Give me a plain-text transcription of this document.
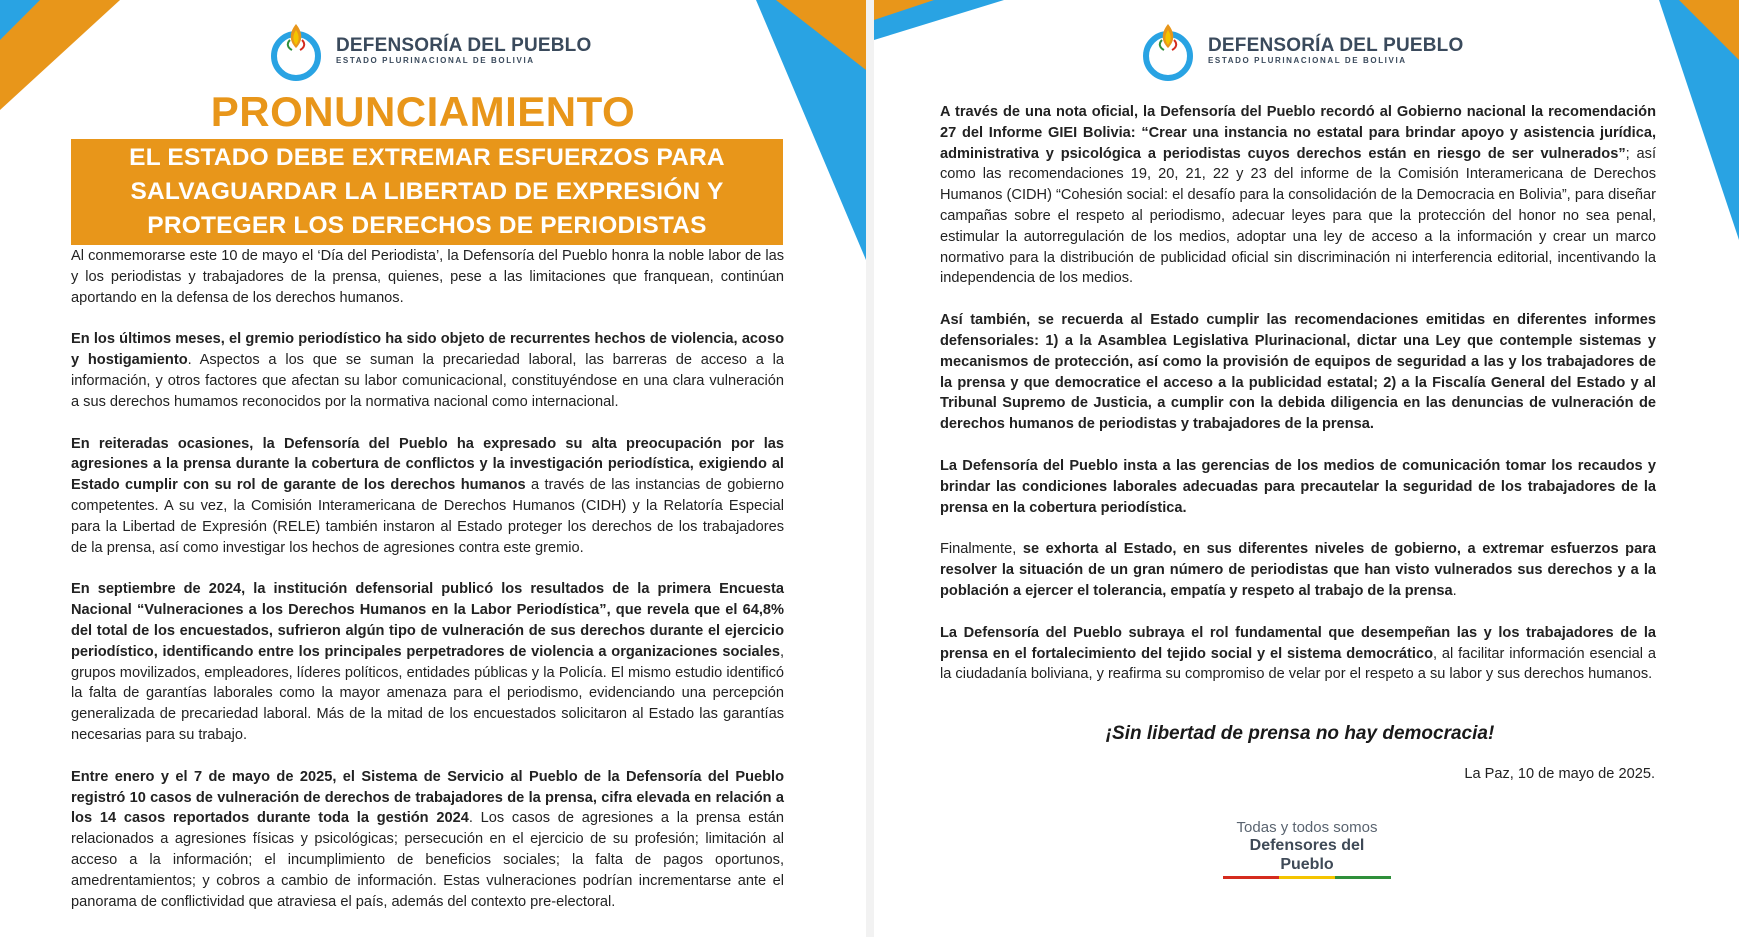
DEFENSORÍA DEL PUEBLO
ESTADO PLURINACIONAL DE BOLIVIA
PRONUNCIAMIENTO
EL ESTADO DEBE EXTREMAR ESFUERZOS PARA SALVAGUARDAR LA LIBERTAD DE EXPRESIÓN Y PROTEGER LOS DERECHOS DE PERIODISTAS

Al conmemorarse este 10 de mayo el ‘Día del Periodista’, la Defensoría del Pueblo honra la noble labor de las y los periodistas y trabajadores de la prensa, quienes, pese a las limitaciones que franquean, continúan aportando en la defensa de los derechos humanos.

En los últimos meses, el gremio periodístico ha sido objeto de recurrentes hechos de violencia, acoso y hostigamiento. Aspectos a los que se suman la precariedad laboral, las barreras de acceso a la información, y otros factores que afectan su labor comunicacional, constituyéndose en una clara vulneración a sus derechos humamos reconocidos por la normativa nacional como internacional.

En reiteradas ocasiones, la Defensoría del Pueblo ha expresado su alta preocupación por las agresiones a la prensa durante la cobertura de conflictos y la investigación periodística, exigiendo al Estado cumplir con su rol de garante de los derechos humanos a través de las instancias de gobierno competentes. A su vez, la Comisión Interamericana de Derechos Humanos (CIDH) y la Relatoría Especial para la Libertad de Expresión (RELE) también instaron al Estado proteger los derechos de los trabajadores de la prensa, así como investigar los hechos de agresiones contra este gremio.

En septiembre de 2024, la institución defensorial publicó los resultados de la primera Encuesta Nacional “Vulneraciones a los Derechos Humanos en la Labor Periodística”, que revela que el 64,8% del total de los encuestados, sufrieron algún tipo de vulneración de sus derechos durante el ejercicio periodístico, identificando entre los principales perpetradores de violencia a organizaciones sociales, grupos movilizados, empleadores, líderes políticos, entidades públicas y la Policía. El mismo estudio identificó la falta de garantías laborales como la mayor amenaza para el periodismo, evidenciando una percepción generalizada de precariedad laboral. Más de la mitad de los encuestados solicitaron al Estado las garantías necesarias para su trabajo.

Entre enero y el 7 de mayo de 2025, el Sistema de Servicio al Pueblo de la Defensoría del Pueblo registró 10 casos de vulneración de derechos de trabajadores de la prensa, cifra elevada en relación a los 14 casos reportados durante toda la gestión 2024. Los casos de agresiones a la prensa están relacionados a agresiones físicas y psicológicas; persecución en el ejercicio de su profesión; limitación al acceso a la información; el incumplimiento de beneficios sociales; la falta de pagos oportunos, amedrentamientos; y cobros a cambio de información. Estas vulneraciones podrían incrementarse ante el panorama de conflictividad que atraviesa el país, además del contexto pre-electoral.

DEFENSORÍA DEL PUEBLO
ESTADO PLURINACIONAL DE BOLIVIA

A través de una nota oficial, la Defensoría del Pueblo recordó al Gobierno nacional la recomendación 27 del Informe GIEI Bolivia: “Crear una instancia no estatal para brindar apoyo y asistencia jurídica, administrativa y psicológica a periodistas cuyos derechos están en riesgo de ser vulnerados”; así como las recomendaciones 19, 20, 21, 22 y 23 del informe de la Comisión Interamericana de Derechos Humanos (CIDH) “Cohesión social: el desafío para la consolidación de la Democracia en Bolivia”, para diseñar campañas sobre el respeto al periodismo, adecuar leyes para que la protección del honor no sea penal, estimular la autorregulación de los medios, adoptar una ley de acceso a la información y crear un marco normativo para la distribución de publicidad oficial sin discriminación ni interferencia editorial, incentivando la independencia de los medios.

Así también, se recuerda al Estado cumplir las recomendaciones emitidas en diferentes informes defensoriales: 1) a la Asamblea Legislativa Plurinacional, dictar una Ley que contemple sistemas y mecanismos de protección, así como la provisión de equipos de seguridad a las y los trabajadores de la prensa y que democratice el acceso a la publicidad estatal; 2) a la Fiscalía General del Estado y al Tribunal Supremo de Justicia, a cumplir con la debida diligencia en las denuncias de vulneración de derechos humanos de periodistas y trabajadores de la prensa.

La Defensoría del Pueblo insta a las gerencias de los medios de comunicación tomar los recaudos y brindar las condiciones laborales adecuadas para precautelar la seguridad de los trabajadores de la prensa en la cobertura periodística.

Finalmente, se exhorta al Estado, en sus diferentes niveles de gobierno, a extremar esfuerzos para resolver la situación de un gran número de periodistas que han visto vulnerados sus derechos y a la población a ejercer el tolerancia, empatía y respeto al trabajo de la prensa.

La Defensoría del Pueblo subraya el rol fundamental que desempeñan las y los trabajadores de la prensa en el fortalecimiento del tejido social y el sistema democrático, al facilitar información esencial a la ciudadanía boliviana, y reafirma su compromiso de velar por el respeto a su labor y sus derechos humanos.

¡Sin libertad de prensa no hay democracia!
La Paz, 10 de mayo de 2025.
Todas y todos somos
Defensores del Pueblo
